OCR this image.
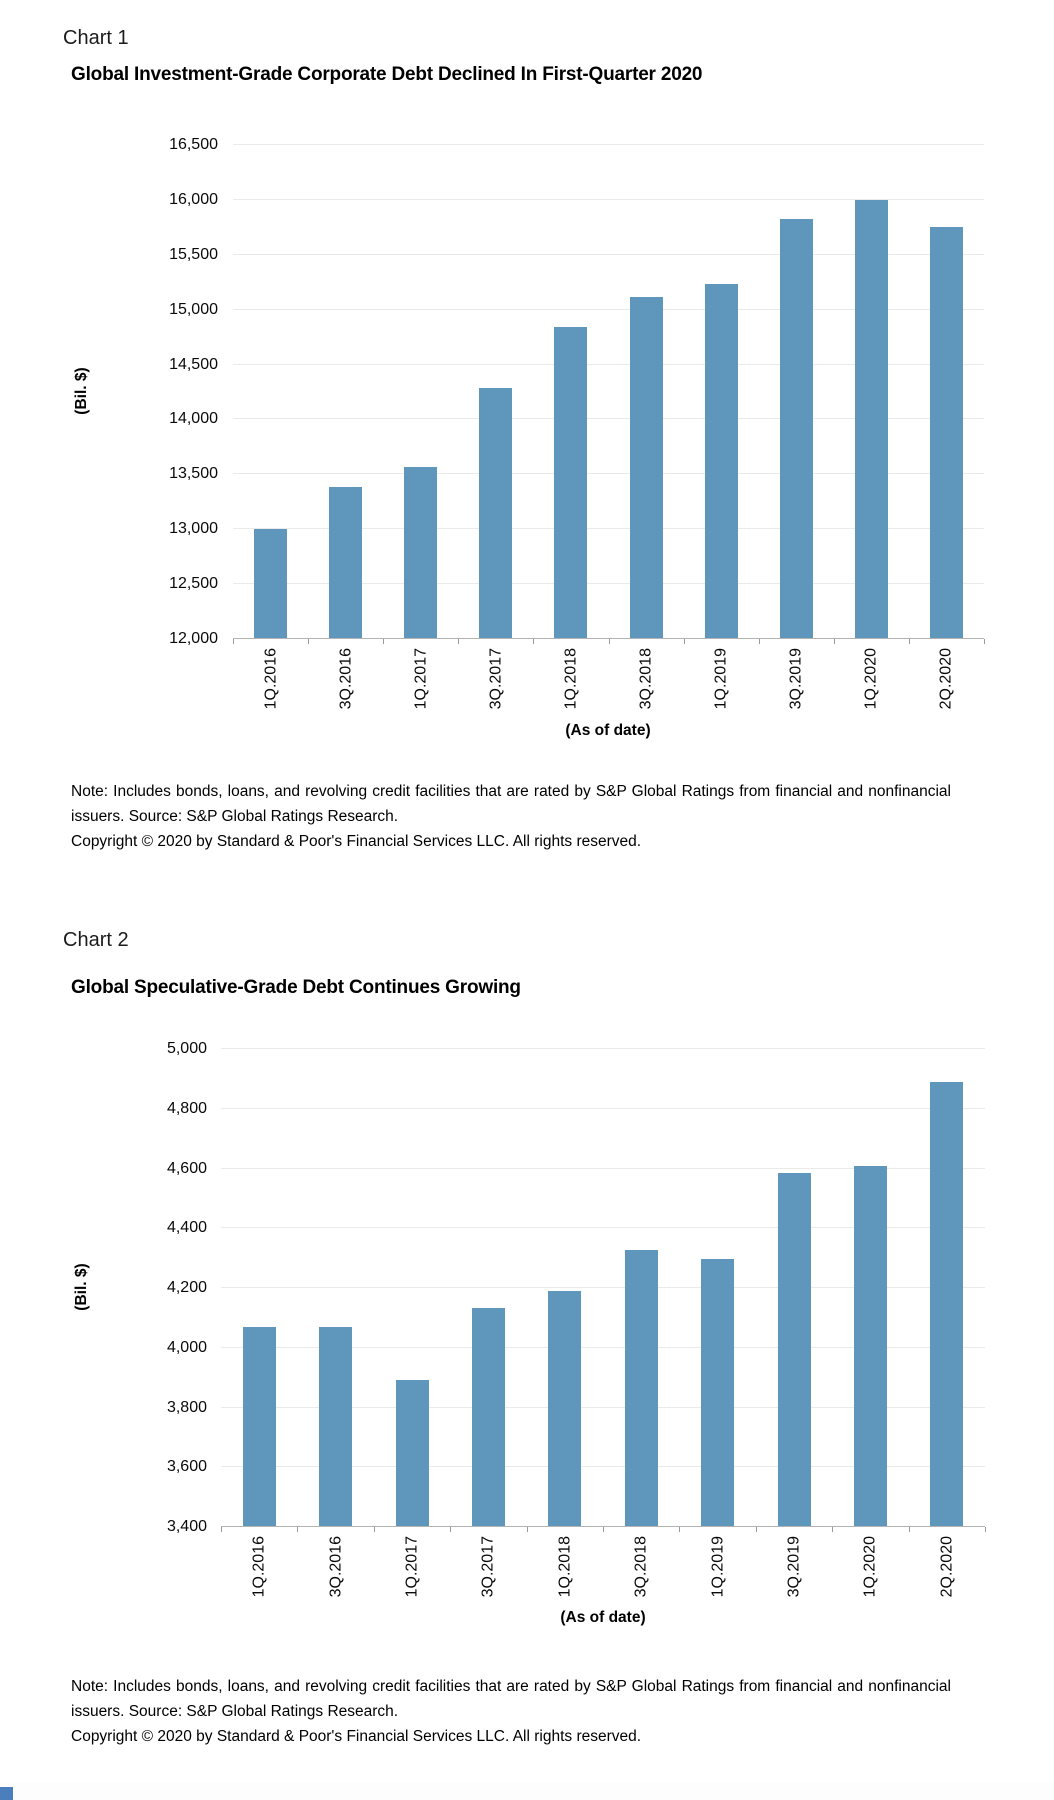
Chart 1
Global Investment-Grade Corporate Debt Declined In First-Quarter 2020
16,500
16,000
15,500
15,000
14,500
14,000
13,500
13,000
12,500
12,000
1Q.2016	3Q.2016	1Q.2017	3Q.2017	1Q.2018	3Q.2018	1Q.2019	3Q.2019	1Q.2020	2Q.2020
(Bil. $)
(As of date)

Note: Includes bonds, loans, and revolving credit facilities that are rated by S&P Global Ratings from financial and nonfinancial issuers. Source: S&P Global Ratings Research.

Copyright © 2020 by Standard & Poor's Financial Services LLC. All rights reserved.

Chart 2
Global Speculative-Grade Debt Continues Growing
5,000
4,800
4,600
4,400
4,200
4,000
3,800
3,600
3,400
1Q.2016	3Q.2016	1Q.2017	3Q.2017	1Q.2018	3Q.2018	1Q.2019	3Q.2019	1Q.2020	2Q.2020
(Bil. $)
(As of date)

Note: Includes bonds, loans, and revolving credit facilities that are rated by S&P Global Ratings from financial and nonfinancial issuers. Source: S&P Global Ratings Research.

Copyright © 2020 by Standard & Poor's Financial Services LLC. All rights reserved.
